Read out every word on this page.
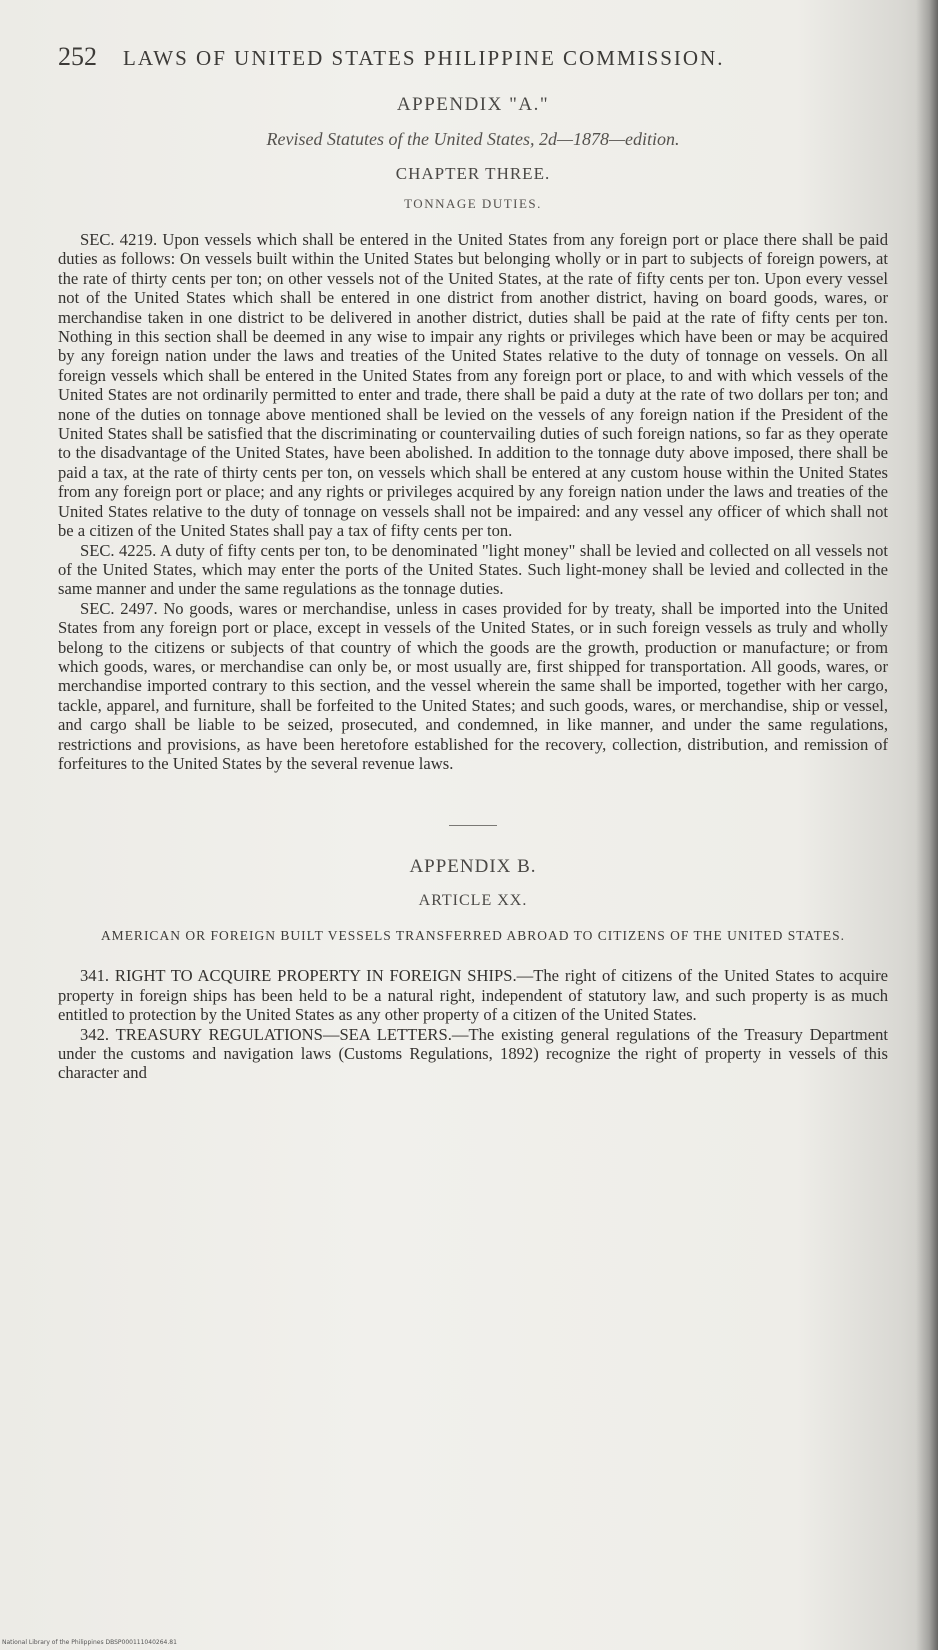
252 LAWS OF UNITED STATES PHILIPPINE COMMISSION.
APPENDIX "A."
Revised Statutes of the United States, 2d—1878—edition.
CHAPTER THREE.
TONNAGE DUTIES.

SEC. 4219. Upon vessels which shall be entered in the United States from any foreign port or place there shall be paid duties as follows: On vessels built within the United States but belonging wholly or in part to subjects of foreign powers, at the rate of thirty cents per ton; on other vessels not of the United States, at the rate of fifty cents per ton. Upon every vessel not of the United States which shall be entered in one district from another district, having on board goods, wares, or merchandise taken in one district to be delivered in another district, duties shall be paid at the rate of fifty cents per ton. Nothing in this section shall be deemed in any wise to impair any rights or privileges which have been or may be acquired by any foreign nation under the laws and treaties of the United States relative to the duty of tonnage on vessels. On all foreign vessels which shall be entered in the United States from any foreign port or place, to and with which vessels of the United States are not ordinarily permitted to enter and trade, there shall be paid a duty at the rate of two dollars per ton; and none of the duties on tonnage above mentioned shall be levied on the vessels of any foreign nation if the President of the United States shall be satisfied that the discriminating or countervailing duties of such foreign nations, so far as they operate to the disadvantage of the United States, have been abolished. In addition to the tonnage duty above imposed, there shall be paid a tax, at the rate of thirty cents per ton, on vessels which shall be entered at any custom house within the United States from any foreign port or place; and any rights or privileges acquired by any foreign nation under the laws and treaties of the United States relative to the duty of tonnage on vessels shall not be impaired: and any vessel any officer of which shall not be a citizen of the United States shall pay a tax of fifty cents per ton.

SEC. 4225. A duty of fifty cents per ton, to be denominated "light money" shall be levied and collected on all vessels not of the United States, which may enter the ports of the United States. Such light-money shall be levied and collected in the same manner and under the same regulations as the tonnage duties.

SEC. 2497. No goods, wares or merchandise, unless in cases provided for by treaty, shall be imported into the United States from any foreign port or place, except in vessels of the United States, or in such foreign vessels as truly and wholly belong to the citizens or subjects of that country of which the goods are the growth, production or manufacture; or from which goods, wares, or merchandise can only be, or most usually are, first shipped for transportation. All goods, wares, or merchandise imported contrary to this section, and the vessel wherein the same shall be imported, together with her cargo, tackle, apparel, and furniture, shall be forfeited to the United States; and such goods, wares, or merchandise, ship or vessel, and cargo shall be liable to be seized, prosecuted, and condemned, in like manner, and under the same regulations, restrictions and provisions, as have been heretofore established for the recovery, collection, distribution, and remission of forfeitures to the United States by the several revenue laws.

APPENDIX B.
ARTICLE XX.
AMERICAN OR FOREIGN BUILT VESSELS TRANSFERRED ABROAD TO CITIZENS OF THE UNITED STATES.

341. RIGHT TO ACQUIRE PROPERTY IN FOREIGN SHIPS.—The right of citizens of the United States to acquire property in foreign ships has been held to be a natural right, independent of statutory law, and such property is as much entitled to protection by the United States as any other property of a citizen of the United States.

342. TREASURY REGULATIONS—SEA LETTERS.—The existing general regulations of the Treasury Department under the customs and navigation laws (Customs Regulations, 1892) recognize the right of property in vessels of this character and

National Library of the Philippines DBSP000111040264.81
